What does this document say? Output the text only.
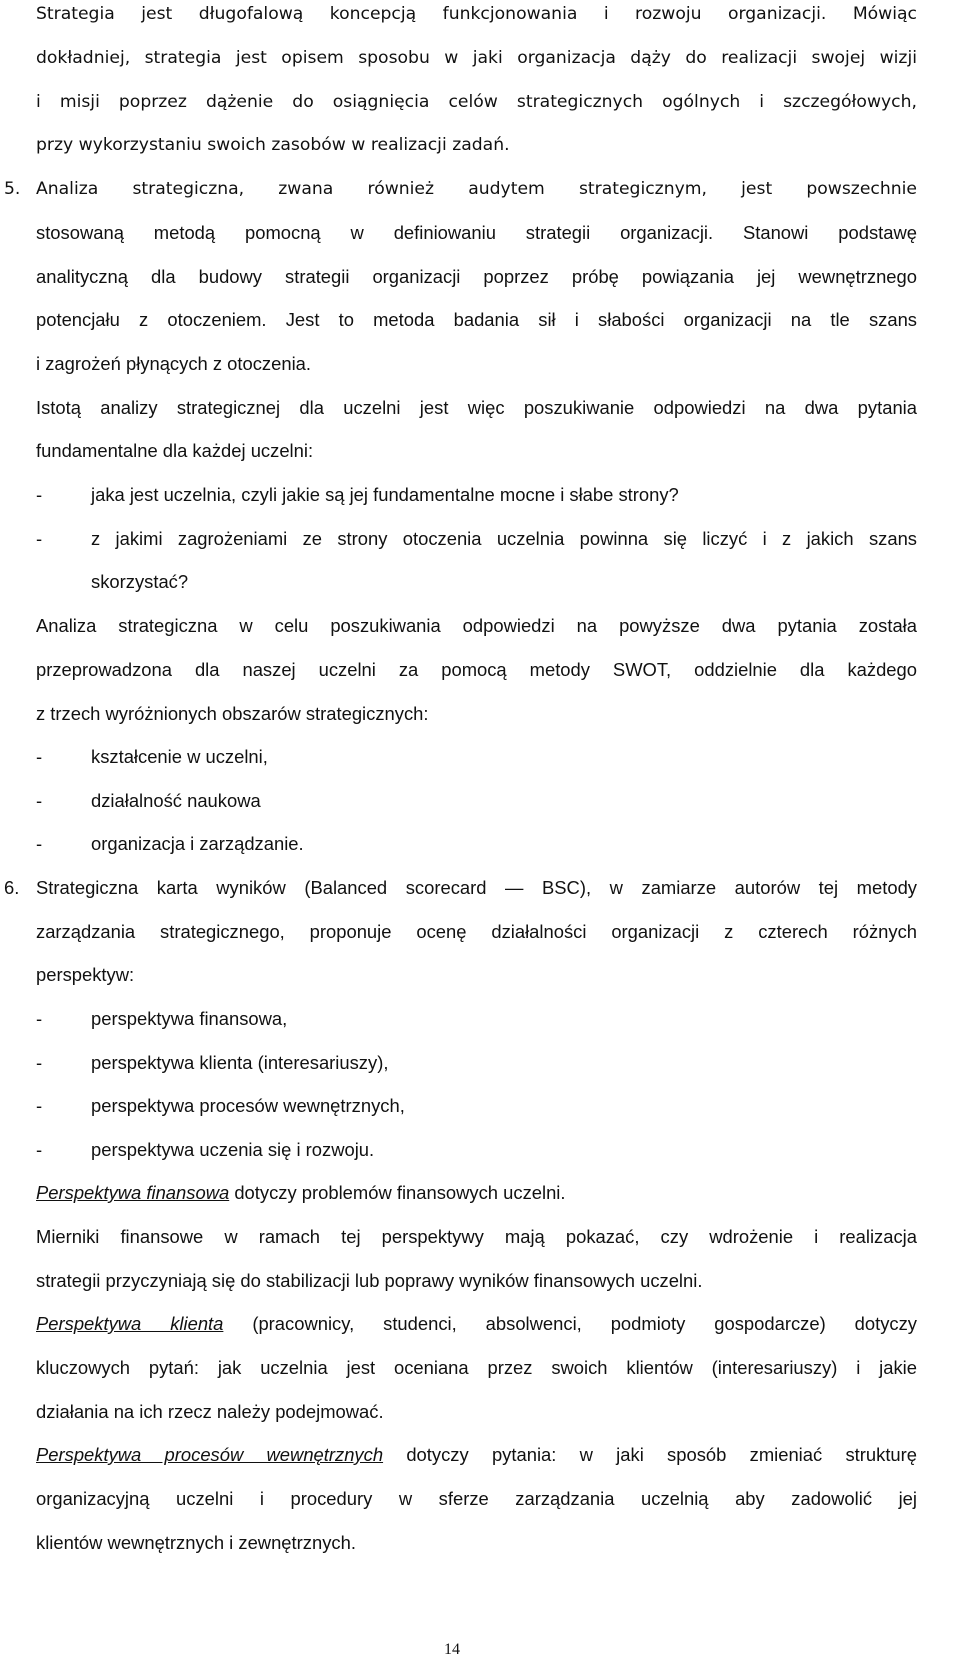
Strategia jest długofalową koncepcją funkcjonowania i rozwoju organizacji. Mówiąc
dokładniej, strategia jest opisem sposobu w jaki organizacja dąży do realizacji swojej wizji
i misji poprzez dążenie do osiągnięcia celów strategicznych ogólnych i szczegółowych,
przy wykorzystaniu swoich zasobów w realizacji zadań.
5. Analiza strategiczna, zwana również audytem strategicznym, jest powszechnie
stosowaną metodą pomocną w definiowaniu strategii organizacji. Stanowi podstawę
analityczną dla budowy strategii organizacji poprzez próbę powiązania jej wewnętrznego
potencjału z otoczeniem. Jest to metoda badania sił i słabości organizacji na tle szans
i zagrożeń płynących z otoczenia.
Istotą analizy strategicznej dla uczelni jest więc poszukiwanie odpowiedzi na dwa pytania
fundamentalne dla każdej uczelni:
-	jaka jest uczelnia, czyli jakie są jej fundamentalne mocne i słabe strony?
-	z jakimi zagrożeniami ze strony otoczenia uczelnia powinna się liczyć i z jakich szans
skorzystać?
Analiza strategiczna w celu poszukiwania odpowiedzi na powyższe dwa pytania została
przeprowadzona dla naszej uczelni za pomocą metody SWOT, oddzielnie dla każdego
z trzech wyróżnionych obszarów strategicznych:
-	kształcenie w uczelni,
-	działalność naukowa
-	organizacja i zarządzanie.
6. Strategiczna karta wyników (Balanced scorecard — BSC), w zamiarze autorów tej metody
zarządzania strategicznego, proponuje ocenę działalności organizacji z czterech różnych
perspektyw:
-	perspektywa finansowa,
-	perspektywa klienta (interesariuszy),
-	perspektywa procesów wewnętrznych,
-	perspektywa uczenia się i rozwoju.
Perspektywa finansowa dotyczy problemów finansowych uczelni.
Mierniki finansowe w ramach tej perspektywy mają pokazać, czy wdrożenie i realizacja
strategii przyczyniają się do stabilizacji lub poprawy wyników finansowych uczelni.
Perspektywa klienta (pracownicy, studenci, absolwenci, podmioty gospodarcze) dotyczy
kluczowych pytań: jak uczelnia jest oceniana przez swoich klientów (interesariuszy) i jakie
działania na ich rzecz należy podejmować.
Perspektywa procesów wewnętrznych dotyczy pytania: w jaki sposób zmieniać strukturę
organizacyjną uczelni i procedury w sferze zarządzania uczelnią aby zadowolić jej
klientów wewnętrznych i zewnętrznych.
14
